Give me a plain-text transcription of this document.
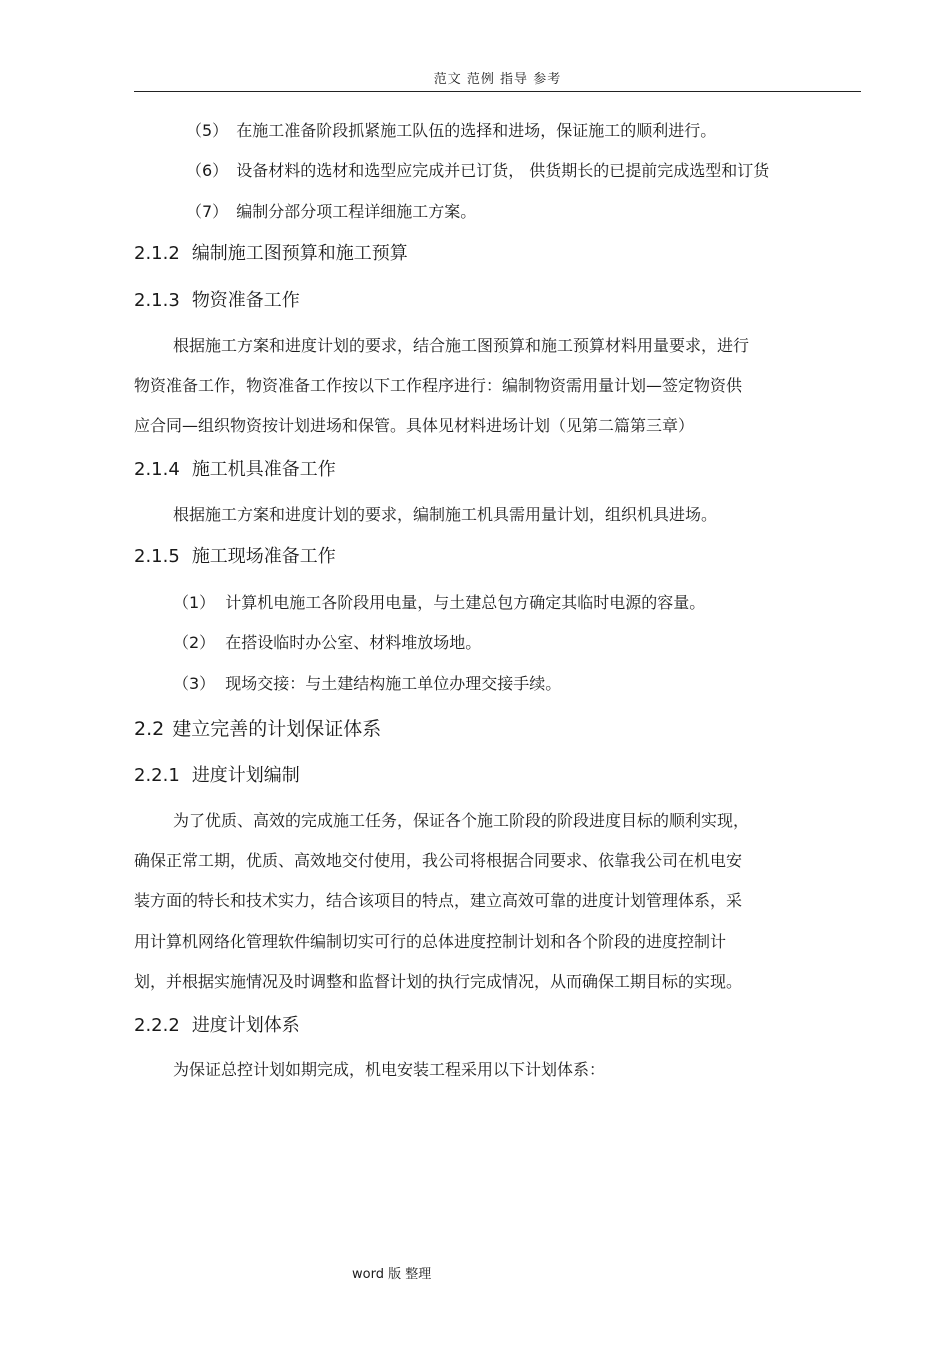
范文 范例 指导 参考
（5） 在施工准备阶段抓紧施工队伍的选择和进场，保证施工的顺利进行。
（6） 设备材料的选材和选型应完成并已订货， 供货期长的已提前完成选型和订货
（7） 编制分部分项工程详细施工方案。
2.1.2 编制施工图预算和施工预算
2.1.3 物资准备工作
根据施工方案和进度计划的要求，结合施工图预算和施工预算材料用量要求，进行
物资准备工作，物资准备工作按以下工作程序进行：编制物资需用量计划—签定物资供
应合同—组织物资按计划进场和保管。具体见材料进场计划（见第二篇第三章）
2.1.4 施工机具准备工作
根据施工方案和进度计划的要求，编制施工机具需用量计划，组织机具进场。
2.1.5 施工现场准备工作
（1） 计算机电施工各阶段用电量，与土建总包方确定其临时电源的容量。
（2） 在搭设临时办公室、材料堆放场地。
（3） 现场交接：与土建结构施工单位办理交接手续。
2.2 建立完善的计划保证体系
2.2.1 进度计划编制
为了优质、高效的完成施工任务，保证各个施工阶段的阶段进度目标的顺利实现，
确保正常工期，优质、高效地交付使用，我公司将根据合同要求、依靠我公司在机电安
装方面的特长和技术实力，结合该项目的特点，建立高效可靠的进度计划管理体系，采
用计算机网络化管理软件编制切实可行的总体进度控制计划和各个阶段的进度控制计
划，并根据实施情况及时调整和监督计划的执行完成情况，从而确保工期目标的实现。
2.2.2 进度计划体系
为保证总控计划如期完成，机电安装工程采用以下计划体系：
word 版 整理
